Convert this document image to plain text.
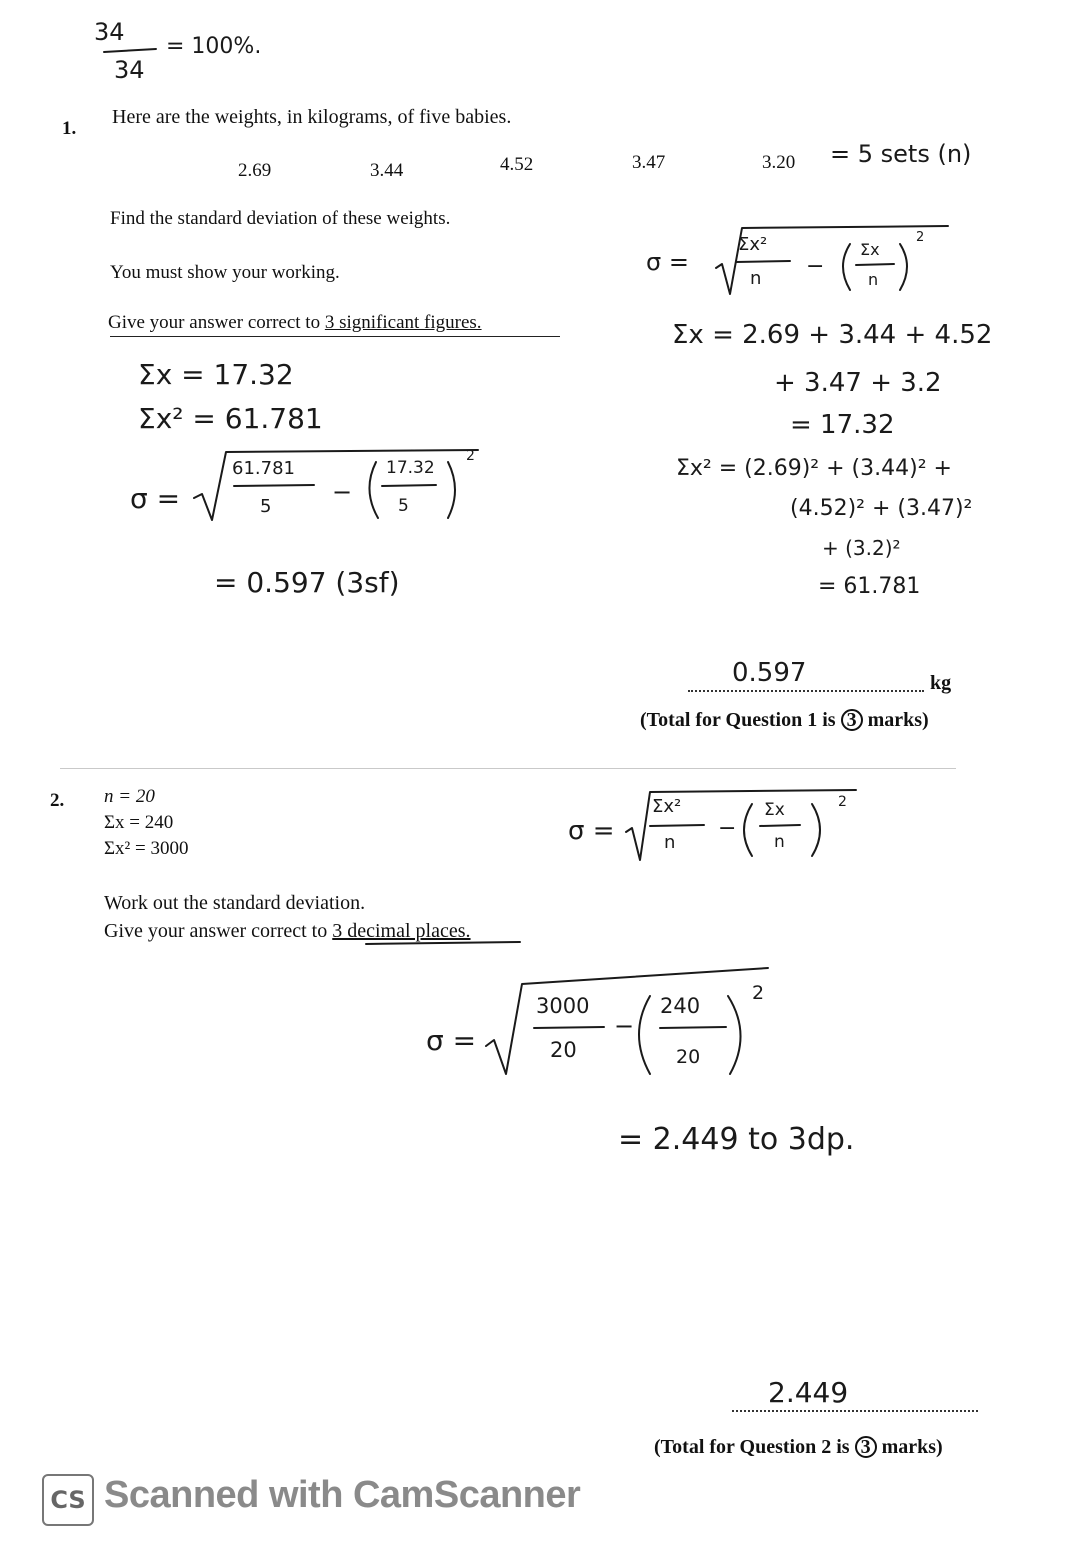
34
= 100%.
34
1.
Here are the weights, in kilograms, of five babies.
2.69	3.44	4.52	3.47	3.20 = 5 sets (n)
Find the standard deviation of these weights.
You must show your working.
Give your answer correct to 3 significant figures.
Σx = 17.32
Σx² = 61.781
σ =
61.781
5
−
17.32
5
2
= 0.597 (3sf)
σ =
Σx²
n −
Σx
n
2
Σx = 2.69 + 3.44 + 4.52
+ 3.47 + 3.2
= 17.32
Σx² = (2.69)² + (3.44)² +
(4.52)² + (3.47)²
+ (3.2)²
= 61.781
0.597	kg
(Total for Question 1 is 3 marks)
2. n = 20
Σx = 240
Σx² = 3000
σ =
Σx²
n
−
Σx
n
2
Work out the standard deviation.
Give your answer correct to 3 decimal places.
σ =
3000
20
−
240
20
2
= 2.449 to 3dp.
2.449
(Total for Question 2 is 3 marks)
CS Scanned with CamScanner
